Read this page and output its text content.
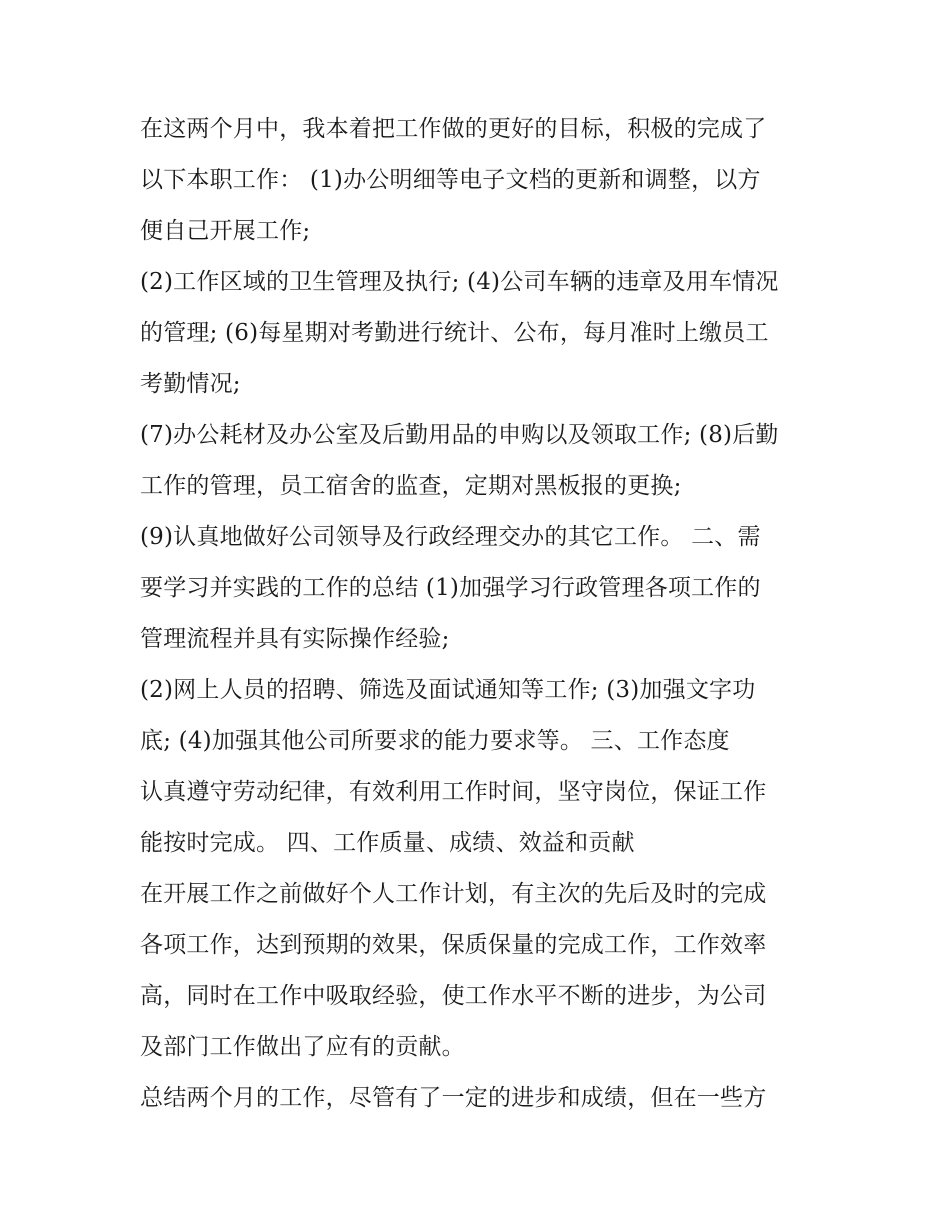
在这两个月中，我本着把工作做的更好的目标，积极的完成了
以下本职工作： (1)办公明细等电子文档的更新和调整，以方
便自己开展工作;
(2)工作区域的卫生管理及执行; (4)公司车辆的违章及用车情况
的管理; (6)每星期对考勤进行统计、公布，每月准时上缴员工
考勤情况;
(7)办公耗材及办公室及后勤用品的申购以及领取工作; (8)后勤
工作的管理，员工宿舍的监查，定期对黑板报的更换;
(9)认真地做好公司领导及行政经理交办的其它工作。 二、需
要学习并实践的工作的总结 (1)加强学习行政管理各项工作的
管理流程并具有实际操作经验;
(2)网上人员的招聘、筛选及面试通知等工作; (3)加强文字功
底; (4)加强其他公司所要求的能力要求等。 三、工作态度
认真遵守劳动纪律，有效利用工作时间，坚守岗位，保证工作
能按时完成。 四、工作质量、成绩、效益和贡献
在开展工作之前做好个人工作计划，有主次的先后及时的完成
各项工作，达到预期的效果，保质保量的完成工作，工作效率
高，同时在工作中吸取经验，使工作水平不断的进步，为公司
及部门工作做出了应有的贡献。
总结两个月的工作，尽管有了一定的进步和成绩，但在一些方
